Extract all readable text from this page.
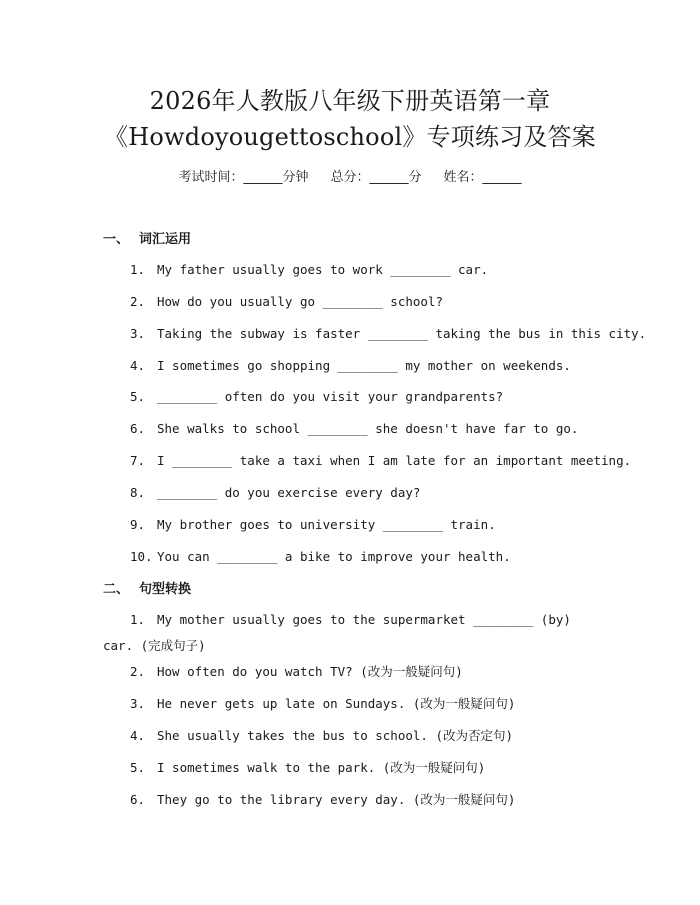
2026年人教版八年级下册英语第一章
《Howdoyougettoschool》专项练习及答案
考试时间：______分钟 总分：______分 姓名：______
一、 词汇运用
1. My father usually goes to work ________ car.
2. How do you usually go ________ school?
3. Taking the subway is faster ________ taking the bus in this city.
4. I sometimes go shopping ________ my mother on weekends.
5. ________ often do you visit your grandparents?
6. She walks to school ________ she doesn't have far to go.
7. I ________ take a taxi when I am late for an important meeting.
8. ________ do you exercise every day?
9. My brother goes to university ________ train.
10. You can ________ a bike to improve your health.
二、 句型转换
1. My mother usually goes to the supermarket ________ (by) car. (完成句子)
2. How often do you watch TV? (改为一般疑问句)
3. He never gets up late on Sundays. (改为一般疑问句)
4. She usually takes the bus to school. (改为否定句)
5. I sometimes walk to the park. (改为一般疑问句)
6. They go to the library every day. (改为一般疑问句)
